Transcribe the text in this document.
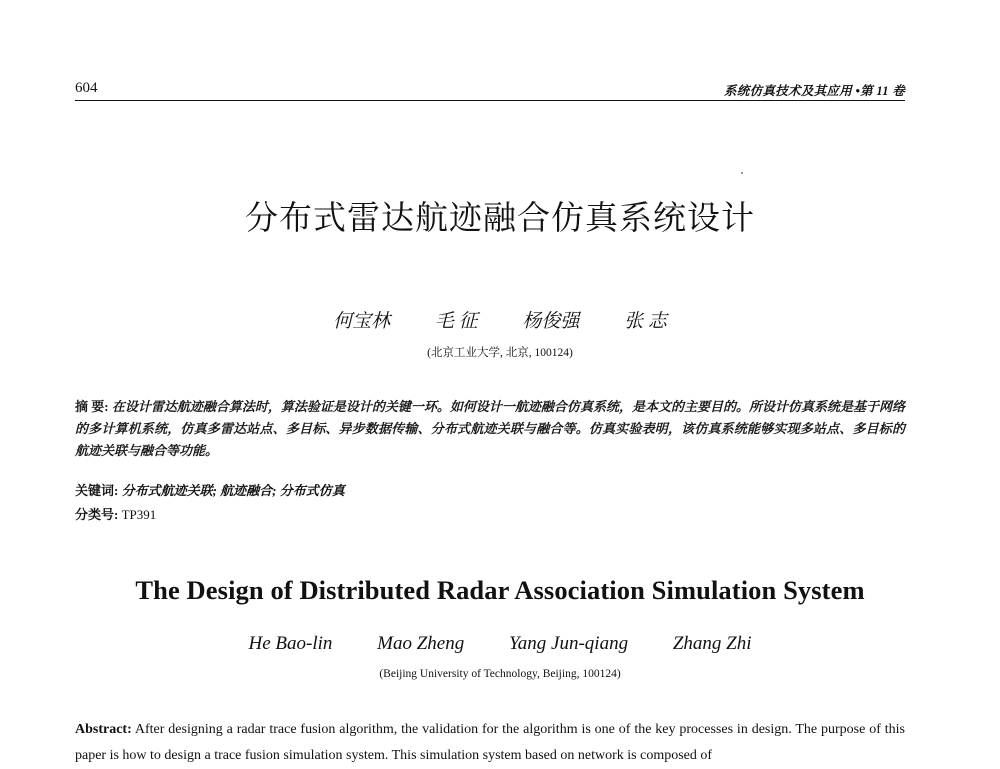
604	系统仿真技术及其应用 •第 11 卷
分布式雷达航迹融合仿真系统设计
何宝林 毛 征 杨俊强 张 志
(北京工业大学, 北京, 100124)
摘 要: 在设计雷达航迹融合算法时，算法验证是设计的关键一环。如何设计一航迹融合仿真系统，是本文的主要目的。所设计仿真系统是基于网络的多计算机系统，仿真多雷达站点、多目标、异步数据传输、分布式航迹关联与融合等。仿真实验表明，该仿真系统能够实现多站点、多目标的航迹关联与融合等功能。
关键词: 分布式航迹关联; 航迹融合; 分布式仿真
分类号: TP391
The Design of Distributed Radar Association Simulation System
He Bao-lin Mao Zheng Yang Jun-qiang Zhang Zhi
(Beijing University of Technology, Beijing, 100124)
Abstract: After designing a radar trace fusion algorithm, the validation for the algorithm is one of the key processes in design. The purpose of this paper is how to design a trace fusion simulation system. This simulation system based on network is composed of
